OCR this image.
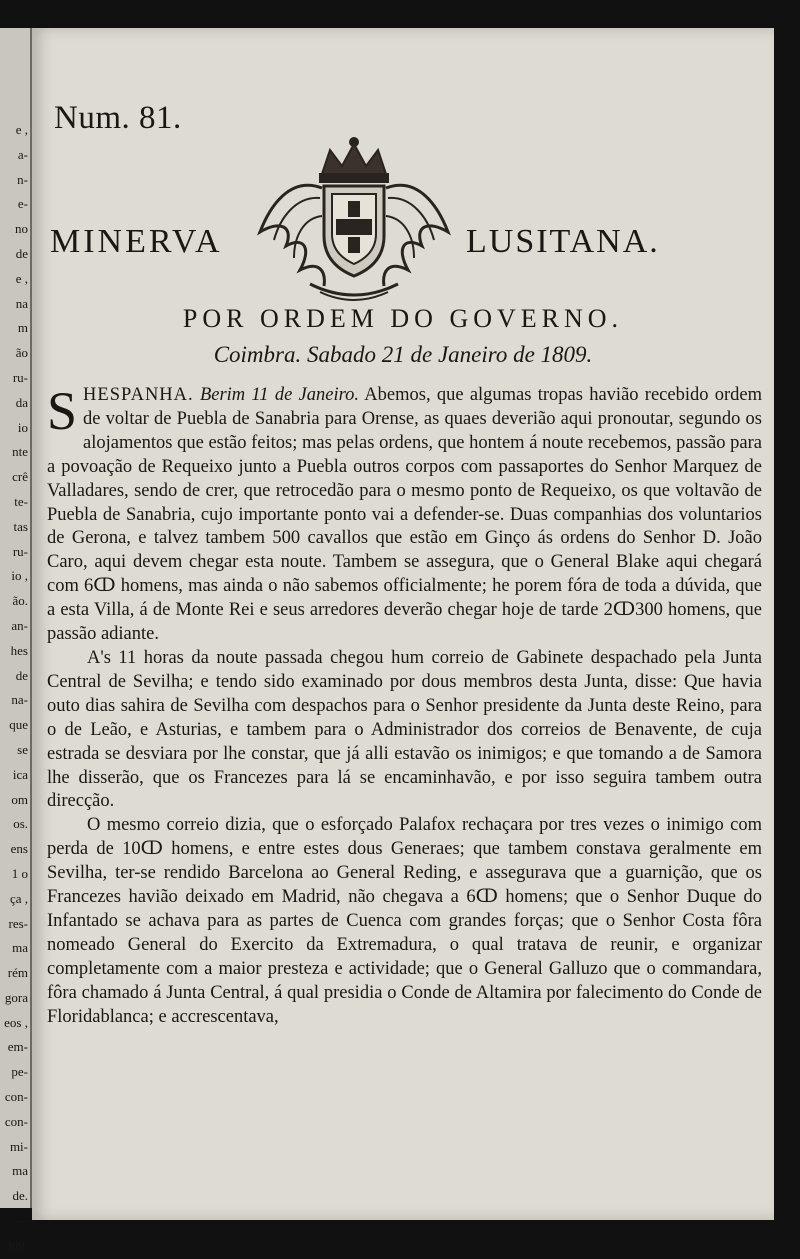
e ,
a-
n-
e-
no
de
e ,
na
m
ão
ru-
da
io
nte
crê
te-
tas
ru-
io ,
ão.
an-
hes
de
na-
que
se
ica
om
os.
ens
1 o
ça ,
res-
ma
rém
gora
eos ,
em-
pe-
con-
con-
mi-
ma
de.
—
309.
Num. 81.
MINERVA	LUSITANA.
POR ORDEM DO GOVERNO.
Coimbra. Sabado 21 de Janeiro de 1809.

S HESPANHA. Berim 11 de Janeiro. Abemos, que algumas tropas havião recebido ordem de voltar de Puebla de Sanabria para Orense, as quaes deverião aqui pronoutar, segundo os alojamentos que estão feitos; mas pelas ordens, que hontem á noute recebemos, passão para a povoação de Requeixo junto a Puebla outros corpos com passaportes do Senhor Marquez de Valladares, sendo de crer, que retrocedão para o mesmo ponto de Requeixo, os que voltavão de Puebla de Sanabria, cujo importante ponto vai a defender-se. Duas companhias dos voluntarios de Gerona, e talvez tambem 500 cavallos que estão em Ginço ás ordens do Senhor D. João Caro, aqui devem chegar esta noute. Tambem se assegura, que o General Blake aqui chegará com 6ↀ homens, mas ainda o não sabemos officialmente; he porem fóra de toda a dúvida, que a esta Villa, á de Monte Rei e seus arredores deverão chegar hoje de tarde 2ↀ300 homens, que passão adiante.

A's 11 horas da noute passada chegou hum correio de Gabinete despachado pela Junta Central de Sevilha; e tendo sido examinado por dous membros desta Junta, disse: Que havia outo dias sahira de Sevilha com despachos para o Senhor presidente da Junta deste Reino, para o de Leão, e Asturias, e tambem para o Administrador dos correios de Benavente, de cuja estrada se desviara por lhe constar, que já alli estavão os inimigos; e que tomando a de Samora lhe disserão, que os Francezes para lá se encaminhavão, e por isso seguira tambem outra direcção.

O mesmo correio dizia, que o esforçado Palafox rechaçara por tres vezes o inimigo com perda de 10ↀ homens, e entre estes dous Generaes; que tambem constava geralmente em Sevilha, ter-se rendido Barcelona ao General Reding, e assegurava que a guarnição, que os Francezes havião deixado em Madrid, não chegava a 6ↀ homens; que o Senhor Duque do Infantado se achava para as partes de Cuenca com grandes forças; que o Senhor Costa fôra nomeado General do Exercito da Extremadura, o qual tratava de reunir, e organizar completamente com a maior presteza e actividade; que o General Galluzo que o commandara, fôra chamado á Junta Central, á qual presidia o Conde de Altamira por falecimento do Conde de Floridablanca; e accrescentava,
